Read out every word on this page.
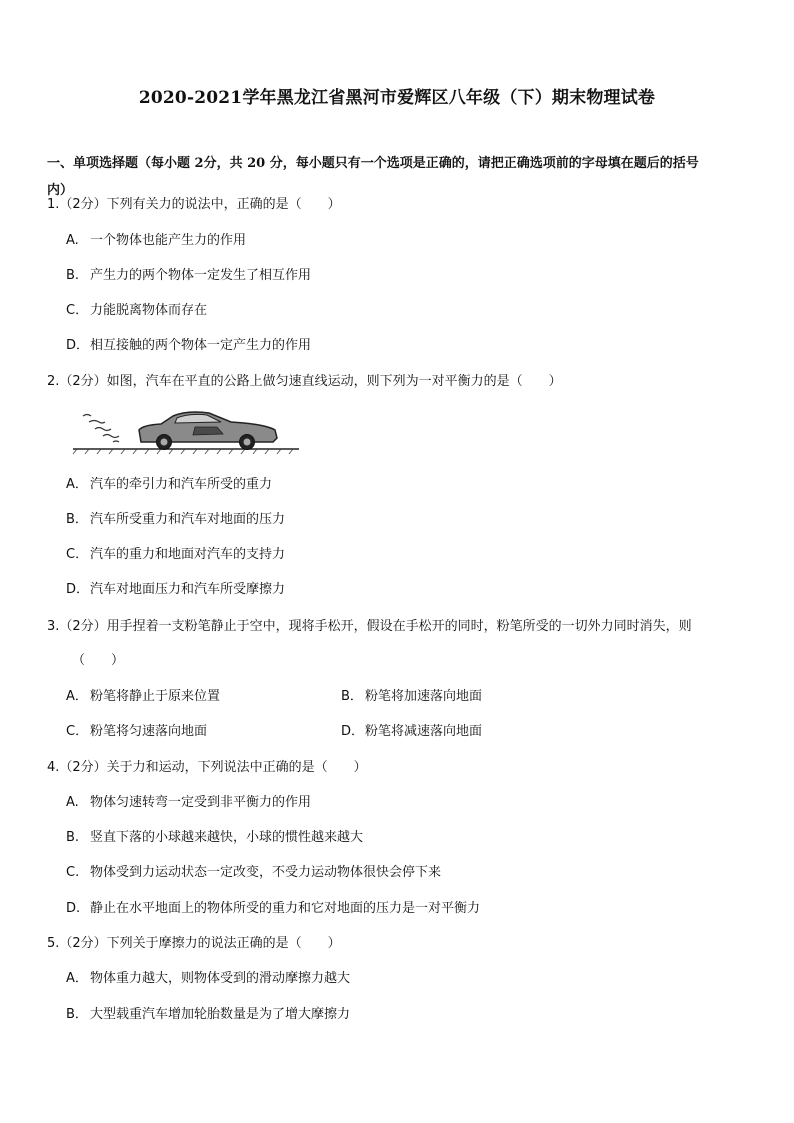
2020-2021学年黑龙江省黑河市爱辉区八年级（下）期末物理试卷
一、单项选择题（每小题 2分，共 20 分，每小题只有一个选项是正确的，请把正确选项前的字母填在题后的括号
内）
1.（2分）下列有关力的说法中，正确的是（　　）
A. 一个物体也能产生力的作用
B. 产生力的两个物体一定发生了相互作用
C． 力能脱离物体而存在
D．相互接触的两个物体一定产生力的作用
2.（2分）如图，汽车在平直的公路上做匀速直线运动，则下列为一对平衡力的是（　　）
A． 汽车的牵引力和汽车所受的重力
B． 汽车所受重力和汽车对地面的压力
C． 汽车的重力和地面对汽车的支持力
D．汽车对地面压力和汽车所受摩擦力
3.（2分）用手捏着一支粉笔静止于空中，现将手松开，假设在手松开的同时，粉笔所受的一切外力同时消失，则
（　　）
A． 粉笔将静止于原来位置	B． 粉笔将加速落向地面
C． 粉笔将匀速落向地面	D．粉笔将减速落向地面
4.（2分）关于力和运动，下列说法中正确的是（　　）
A. 物体匀速转弯一定受到非平衡力的作用
B. 竖直下落的小球越来越快，小球的惯性越来越大
C. 物体受到力运动状态一定改变，不受力运动物体很快会停下来
D. 静止在水平地面上的物体所受的重力和它对地面的压力是一对平衡力
5.（2分）下列关于摩擦力的说法正确的是（　　）
A． 物体重力越大，则物体受到的滑动摩擦力越大
B． 大型载重汽车增加轮胎数量是为了增大摩擦力
